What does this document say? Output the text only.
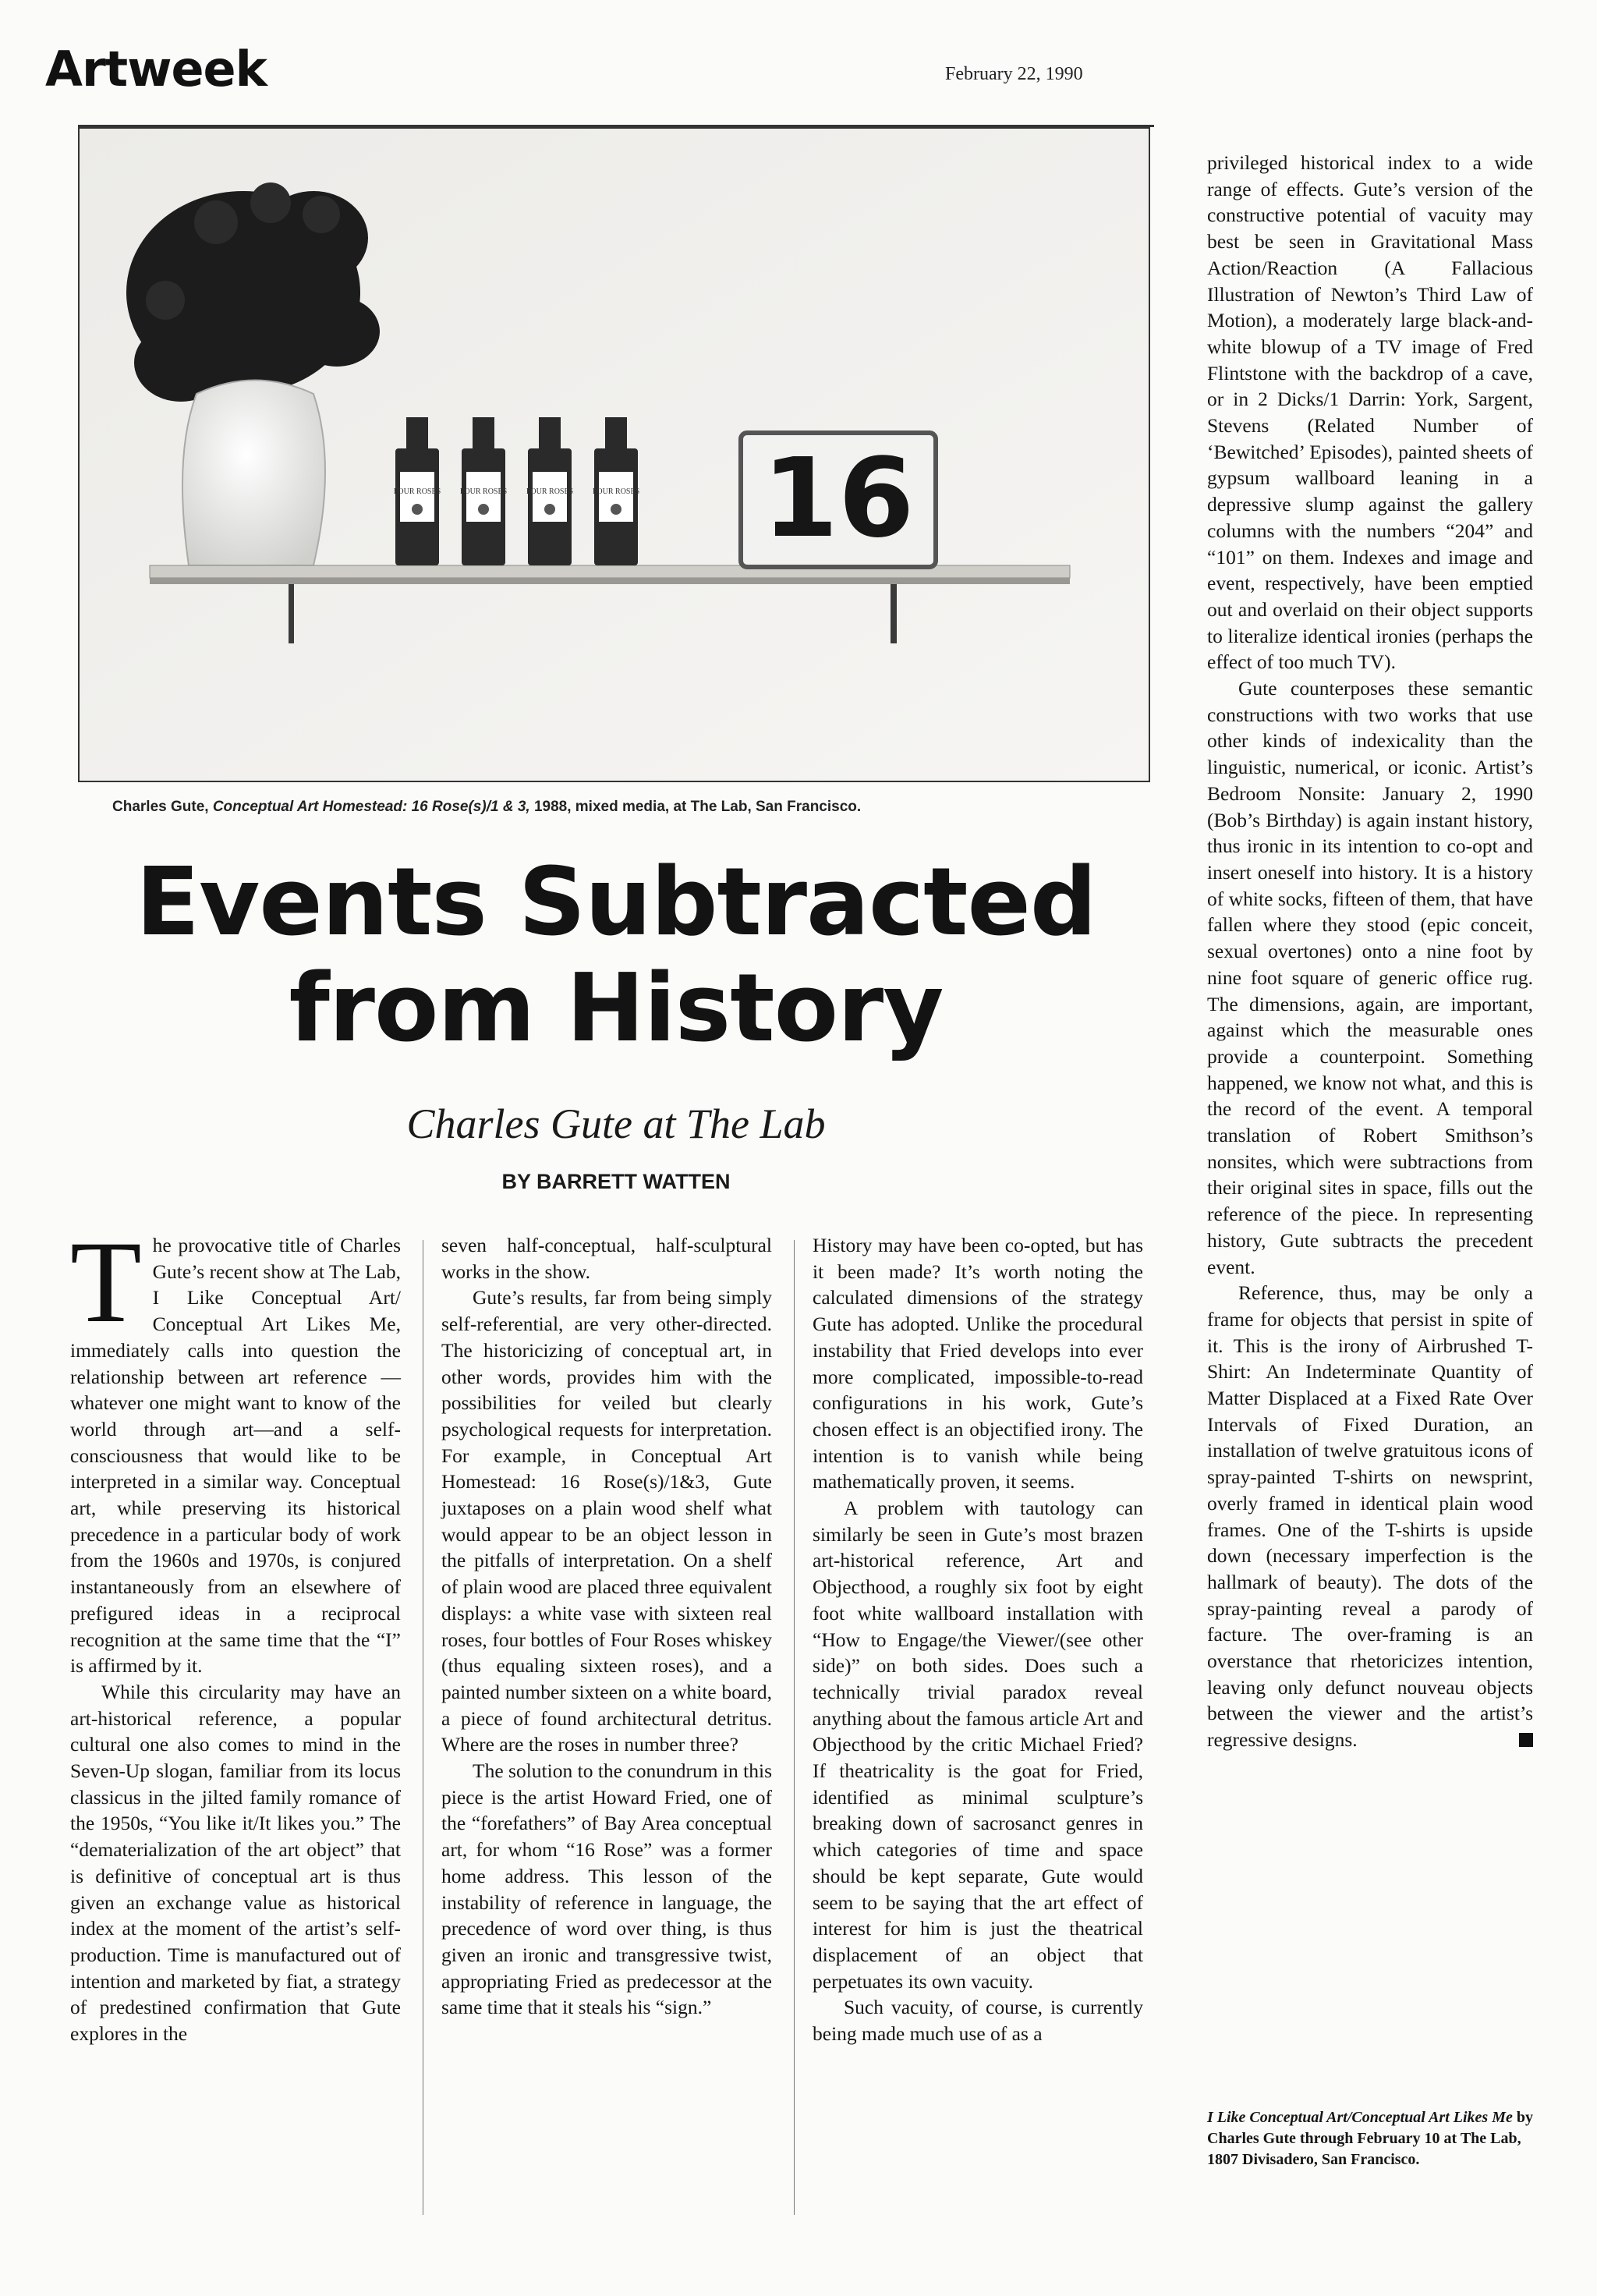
Artweek	February 22, 1990
FOUR ROSES FOUR ROSES FOUR ROSES FOUR ROSES 16
Charles Gute, Conceptual Art Homestead: 16 Rose(s)/1 & 3, 1988, mixed media, at The Lab, San Francisco.
Events Subtracted
from History
Charles Gute at The Lab
BY BARRETT WATTEN

The provocative title of Charles Gute’s recent show at The Lab, I Like Conceptual Art/ Conceptual Art Likes Me, immediately calls into question the relationship between art reference —whatever one might want to know of the world through art—and a self-consciousness that would like to be interpreted in a similar way. Conceptual art, while preserving its historical precedence in a particular body of work from the 1960s and 1970s, is conjured instantaneously from an elsewhere of prefigured ideas in a reciprocal recognition at the same time that the “I” is affirmed by it.

While this circularity may have an art-historical reference, a popular cultural one also comes to mind in the Seven-Up slogan, familiar from its locus classicus in the jilted family romance of the 1950s, “You like it/It likes you.” The “dematerialization of the art object” that is definitive of conceptual art is thus given an exchange value as historical index at the moment of the artist’s self-production. Time is manufactured out of intention and marketed by fiat, a strategy of predestined confirmation that Gute explores in the

seven half-conceptual, half-sculptural works in the show.

Gute’s results, far from being simply self-referential, are very other-directed. The historicizing of conceptual art, in other words, provides him with the possibilities for veiled but clearly psychological requests for interpretation. For example, in Conceptual Art Homestead: 16 Rose(s)/1&3, Gute juxtaposes on a plain wood shelf what would appear to be an object lesson in the pitfalls of interpretation. On a shelf of plain wood are placed three equivalent displays: a white vase with sixteen real roses, four bottles of Four Roses whiskey (thus equaling sixteen roses), and a painted number sixteen on a white board, a piece of found architectural detritus. Where are the roses in number three?

The solution to the conundrum in this piece is the artist Howard Fried, one of the “forefathers” of Bay Area conceptual art, for whom “16 Rose” was a former home address. This lesson of the instability of reference in language, the precedence of word over thing, is thus given an ironic and transgressive twist, appropriating Fried as predecessor at the same time that it steals his “sign.”

History may have been co-opted, but has it been made? It’s worth noting the calculated dimensions of the strategy Gute has adopted. Unlike the procedural instability that Fried develops into ever more complicated, impossible-to-read configurations in his work, Gute’s chosen effect is an objectified irony. The intention is to vanish while being mathematically proven, it seems.

A problem with tautology can similarly be seen in Gute’s most brazen art-historical reference, Art and Objecthood, a roughly six foot by eight foot white wallboard installation with “How to Engage/the Viewer/(see other side)” on both sides. Does such a technically trivial paradox reveal anything about the famous article Art and Objecthood by the critic Michael Fried? If theatricality is the goat for Fried, identified as minimal sculpture’s breaking down of sacrosanct genres in which categories of time and space should be kept separate, Gute would seem to be saying that the art effect of interest for him is just the theatrical displacement of an object that perpetuates its own vacuity.

Such vacuity, of course, is currently being made much use of as a

privileged historical index to a wide range of effects. Gute’s version of the constructive potential of vacuity may best be seen in Gravitational Mass Action/Reaction (A Fallacious Illustration of Newton’s Third Law of Motion), a moderately large black-and-white blowup of a TV image of Fred Flintstone with the backdrop of a cave, or in 2 Dicks/1 Darrin: York, Sargent, Stevens (Related Number of ‘Bewitched’ Episodes), painted sheets of gypsum wallboard leaning in a depressive slump against the gallery columns with the numbers “204” and “101” on them. Indexes and image and event, respectively, have been emptied out and overlaid on their object supports to literalize identical ironies (perhaps the effect of too much TV).

Gute counterposes these semantic constructions with two works that use other kinds of indexicality than the linguistic, numerical, or iconic. Artist’s Bedroom Nonsite: January 2, 1990 (Bob’s Birthday) is again instant history, thus ironic in its intention to co-opt and insert oneself into history. It is a history of white socks, fifteen of them, that have fallen where they stood (epic conceit, sexual overtones) onto a nine foot by nine foot square of generic office rug. The dimensions, again, are important, against which the measurable ones provide a counterpoint. Something happened, we know not what, and this is the record of the event. A temporal translation of Robert Smithson’s nonsites, which were subtractions from their original sites in space, fills out the reference of the piece. In representing history, Gute subtracts the precedent event.

Reference, thus, may be only a frame for objects that persist in spite of it. This is the irony of Airbrushed T-Shirt: An Indeterminate Quantity of Matter Displaced at a Fixed Rate Over Intervals of Fixed Duration, an installation of twelve gratuitous icons of spray-painted T-shirts on newsprint, overly framed in identical plain wood frames. One of the T-shirts is upside down (necessary imperfection is the hallmark of beauty). The dots of the spray-painting reveal a parody of facture. The over-framing is an overstance that rhetoricizes intention, leaving only defunct nouveau objects between the viewer and the artist’s regressive designs.

I Like Conceptual Art/Conceptual Art Likes Me by Charles Gute through February 10 at The Lab, 1807 Divisadero, San Francisco.
